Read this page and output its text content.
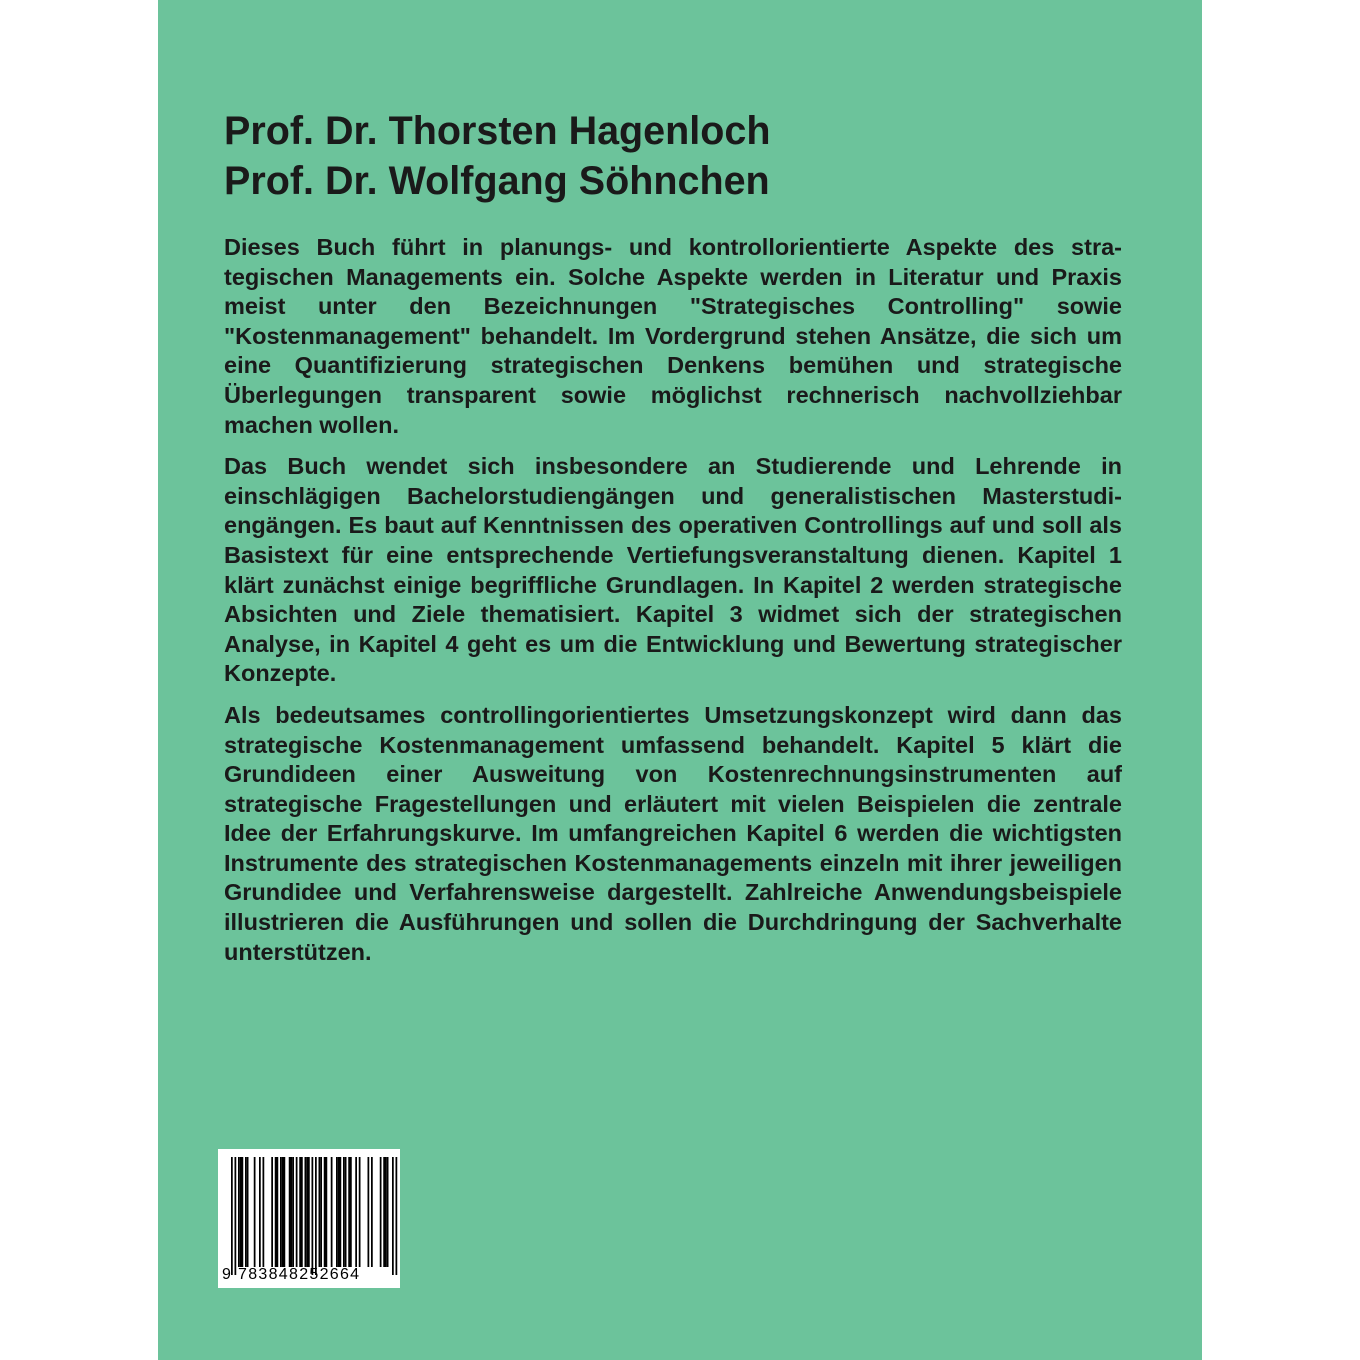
Prof. Dr. Thorsten Hagenloch
Prof. Dr. Wolfgang Söhnchen

Dieses Buch führt in planungs- und kontrollorientierte Aspekte des strategischen Managements ein. Solche Aspekte werden in Literatur und Praxis meist unter den Bezeichnungen "Strategisches Controlling" sowie "Kostenmanagement" behandelt. Im Vordergrund stehen Ansätze, die sich um eine Quantifizierung strategischen Denkens bemühen und strategische Überlegungen transparent sowie möglichst rechnerisch nachvollziehbar machen wollen.

Das Buch wendet sich insbesondere an Studierende und Lehrende in einschlägigen Bachelorstudiengängen und generalistischen Masterstudiengängen. Es baut auf Kenntnissen des operativen Controllings auf und soll als Basistext für eine entsprechende Vertiefungsveranstaltung dienen. Kapitel 1 klärt zunächst einige begriffliche Grundlagen. In Kapitel 2 werden strategische Absichten und Ziele thematisiert. Kapitel 3 widmet sich der strategischen Analyse, in Kapitel 4 geht es um die Entwicklung und Bewertung strategischer Konzepte.

Als bedeutsames controllingorientiertes Umsetzungskonzept wird dann das strategische Kostenmanagement umfassend behandelt. Kapitel 5 klärt die Grundideen einer Ausweitung von Kostenrechnungsinstrumenten auf strategische Fragestellungen und erläutert mit vielen Beispielen die zentrale Idee der Erfahrungskurve. Im umfangreichen Kapitel 6 werden die wichtigsten Instrumente des strategischen Kostenmanagements einzeln mit ihrer jeweiligen Grundidee und Verfahrensweise dargestellt. Zahlreiche Anwendungsbeispiele illustrieren die Ausführungen und sollen die Durchdringung der Sachverhalte unterstützen.

9 783848252664
